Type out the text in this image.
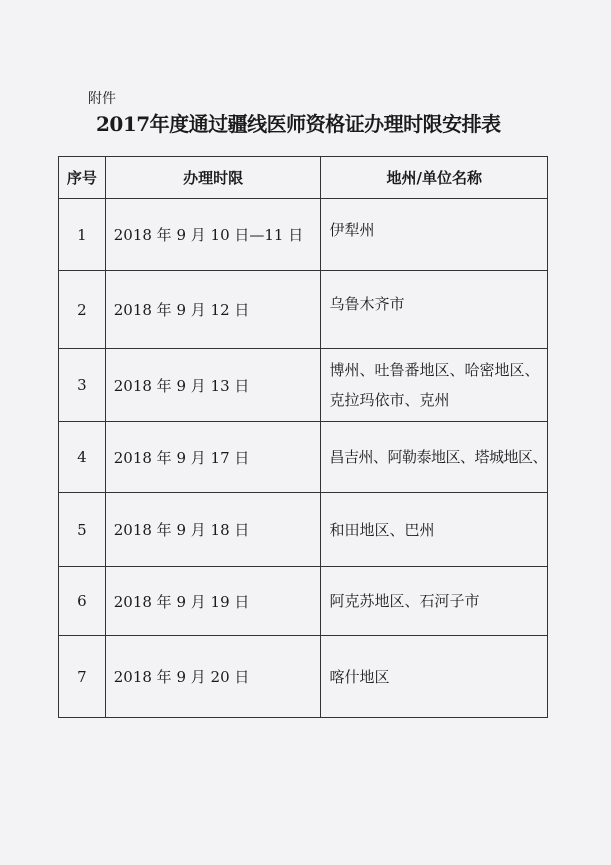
附件
2017年度通过疆线医师资格证办理时限安排表
序号	办理时限	地州/单位名称
1	2018 年 9 月 10 日—11 日	伊犁州
2	2018 年 9 月 12 日	乌鲁木齐市
3	2018 年 9 月 13 日	博州、吐鲁番地区、哈密地区、克拉玛依市、克州
4	2018 年 9 月 17 日	昌吉州、阿勒泰地区、塔城地区、
5	2018 年 9 月 18 日	和田地区、巴州
6	2018 年 9 月 19 日	阿克苏地区、石河子市
7	2018 年 9 月 20 日	喀什地区
